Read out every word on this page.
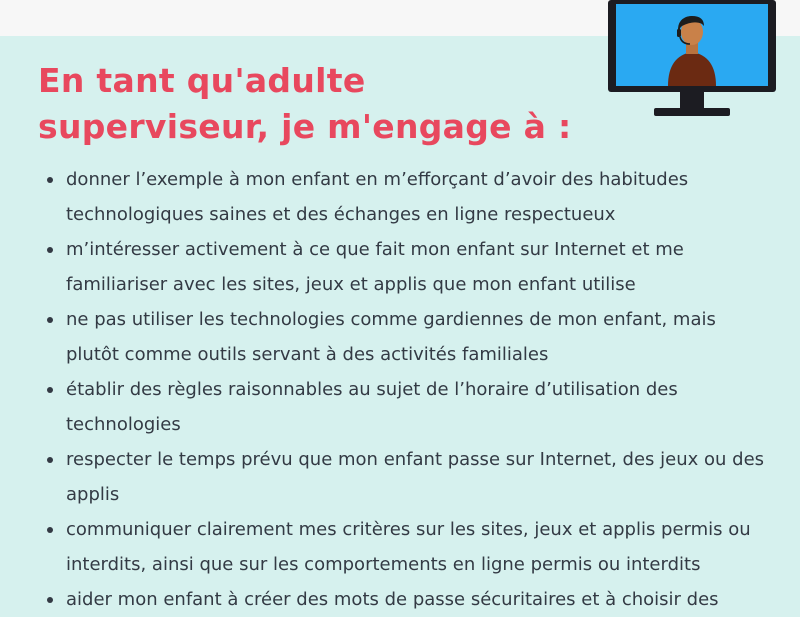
En tant qu'adulte
superviseur, je m'engage à :
donner l’exemple à mon enfant en m’efforçant d’avoir des habitudes technologiques saines et des échanges en ligne respectueux
m’intéresser activement à ce que fait mon enfant sur Internet et me familiariser avec les sites, jeux et applis que mon enfant utilise
ne pas utiliser les technologies comme gardiennes de mon enfant, mais plutôt comme outils servant à des activités familiales
établir des règles raisonnables au sujet de l’horaire d’utilisation des technologies
respecter le temps prévu que mon enfant passe sur Internet, des jeux ou des applis
communiquer clairement mes critères sur les sites, jeux et applis permis ou interdits, ainsi que sur les comportements en ligne permis ou interdits
aider mon enfant à créer des mots de passe sécuritaires et à choisir des
